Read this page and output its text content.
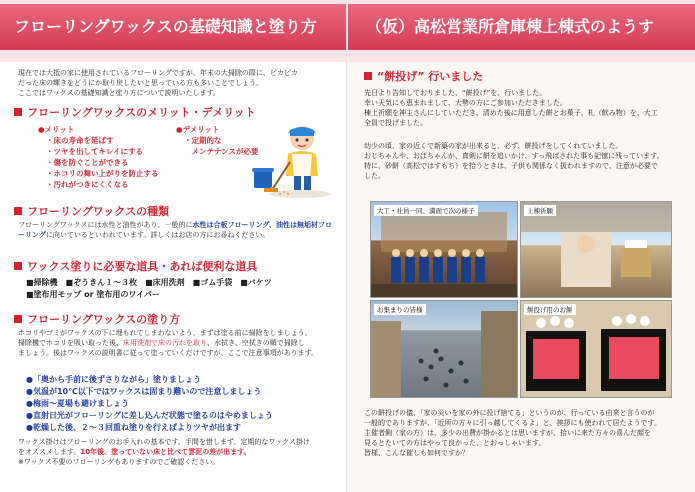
フローリングワックスの基礎知識と塗り方
現在では大抵の家に使用されているフローリングですが、年末の大掃除の際に、ピカピカ
だった床の輝きをどうにか取り戻したいと思っている方も多いことでしょう。
ここではワックスの基礎知識と塗り方について説明いたします。
フローリングワックスのメリット・デメリット
●メリット
・床の寿命を延ばす
・ツヤを出してキレイにする
・傷を防ぐことができる
・ホコリの舞い上がりを防止する
・汚れがつきにくくなる
●デメリット
・定期的な
　メンテナンスが必要
フローリングワックスの種類
フローリングワックスには水性と油性があり、一般的に水性は合板フローリング、油性は無垢材フローリングに向いているといわれています。詳しくはお店の方にお尋ねください。
ワックス塗りに必要な道具・あれば便利な道具
■掃除機　■ぞうきん１～３枚　■床用洗剤　■ゴム手袋　■バケツ
■塗布用モップ or 塗布用のワイパー
フローリングワックスの塗り方
ホコリやゴミがワックスの下に埋もれてしまわないよう、まずは塗る前に掃除をしましょう。
掃除機でホコリを吸い取った後、床用洗剤で床の汚れを取り、水拭き、空拭きの順で掃除し
ましょう。後はワックスの説明書に従って塗っていくだけですが、ここで注意事項があります。
●「奥から手前に後ずさりながら」塗りましょう
●気温が10℃以下ではワックスは固まり難いので注意しましょう
●梅雨～夏場も避けましょう
●直射日光がフローリングに差し込んだ状態で塗るのはやめましょう
●乾燥した後、２～３回重ね塗りを行えばよりツヤが出ます
ワックス掛けはフローリングのお手入れの基本です。手間を惜しまず、定期的なワックス掛け
をオススメします。10年後、塗っていない床と比べて雲泥の差が出ます。
※ワックス不要のフローリングもありますのでご確認ください。
（仮）高松営業所倉庫棟上棟式のようす
“餅投げ” 行いました
先日より告知しておりました、“餅投げ”を、行いました。
幸い天気にも恵まれまして、大勢の方にご参加いただきました。
棟上祈願を神主さんにしていただき、清めた後に用意した餅とお菓子、札（飲み物）を、大工
全員で投げました。
幼少の頃、家の近くで新築の家が出来ると、必ず、餅投げをしてくれていました。
おじちゃんや、おばちゃんが、真剣に餅を追いかけ、すっ飛ばされた事も記憶に残っています。
特に、砂餅（高松ではすもち）を拾うときは、子供も関係なく扱われますので、注意が必要で
した。
大工・社員一同、満面で次の様子	上棟祈願
お集まりの皆様	餅投げ用のお餅
この餅投げの儀、「家の災いを家の外に投げ捨てる」というのが、行っている由来と言うのが
一般的でありますが、「近所の方々に引っ越してくるよ」と、挨拶にも使われて居たようです。
主催者側（家の方）は、多少の出費が掛かるとは思いますが、拾いに来た方々の喜んだ顔を
見るとたいての方はやって良かった、とおっしゃいます。
皆様、こんな催しも如何ですか？
